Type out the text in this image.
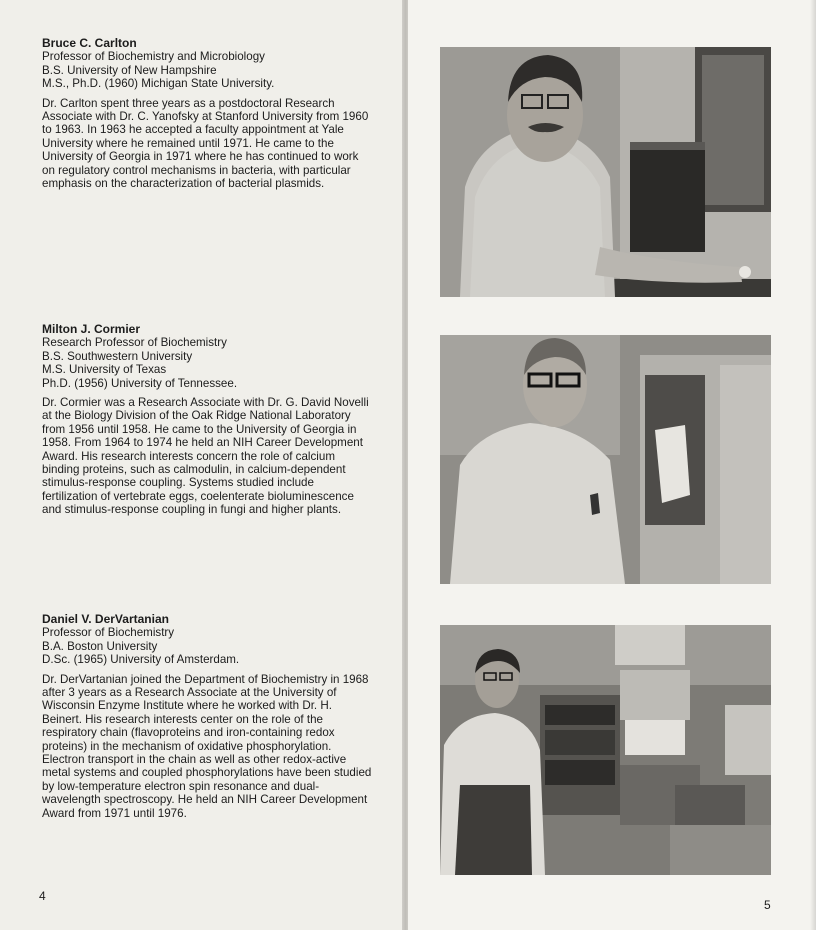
Bruce C. Carlton
Professor of Biochemistry and Microbiology
B.S. University of New Hampshire
M.S., Ph.D. (1960) Michigan State University.
Dr. Carlton spent three years as a postdoctoral Research Associate with Dr. C. Yanofsky at Stanford University from 1960 to 1963. In 1963 he accepted a faculty appointment at Yale University where he remained until 1971. He came to the University of Georgia in 1971 where he has continued to work on regulatory control mechanisms in bacteria, with particular emphasis on the characterization of bacterial plasmids.
Milton J. Cormier
Research Professor of Biochemistry
B.S. Southwestern University
M.S. University of Texas
Ph.D. (1956) University of Tennessee.
Dr. Cormier was a Research Associate with Dr. G. David Novelli at the Biology Division of the Oak Ridge National Laboratory from 1956 until 1958. He came to the University of Georgia in 1958. From 1964 to 1974 he held an NIH Career Development Award. His research interests concern the role of calcium binding proteins, such as calmodulin, in calcium-dependent stimulus-response coupling. Systems studied include fertilization of vertebrate eggs, coelenterate bioluminescence and stimulus-response coupling in fungi and higher plants.
Daniel V. DerVartanian
Professor of Biochemistry
B.A. Boston University
D.Sc. (1965) University of Amsterdam.
Dr. DerVartanian joined the Department of Biochemistry in 1968 after 3 years as a Research Associate at the University of Wisconsin Enzyme Institute where he worked with Dr. H. Beinert. His research interests center on the role of the respiratory chain (flavoproteins and iron-containing redox proteins) in the mechanism of oxidative phosphorylation. Electron transport in the chain as well as other redox-active metal systems and coupled phosphorylations have been studied by low-temperature electron spin resonance and dual-wavelength spectroscopy. He held an NIH Career Development Award from 1971 until 1976.
4
5
